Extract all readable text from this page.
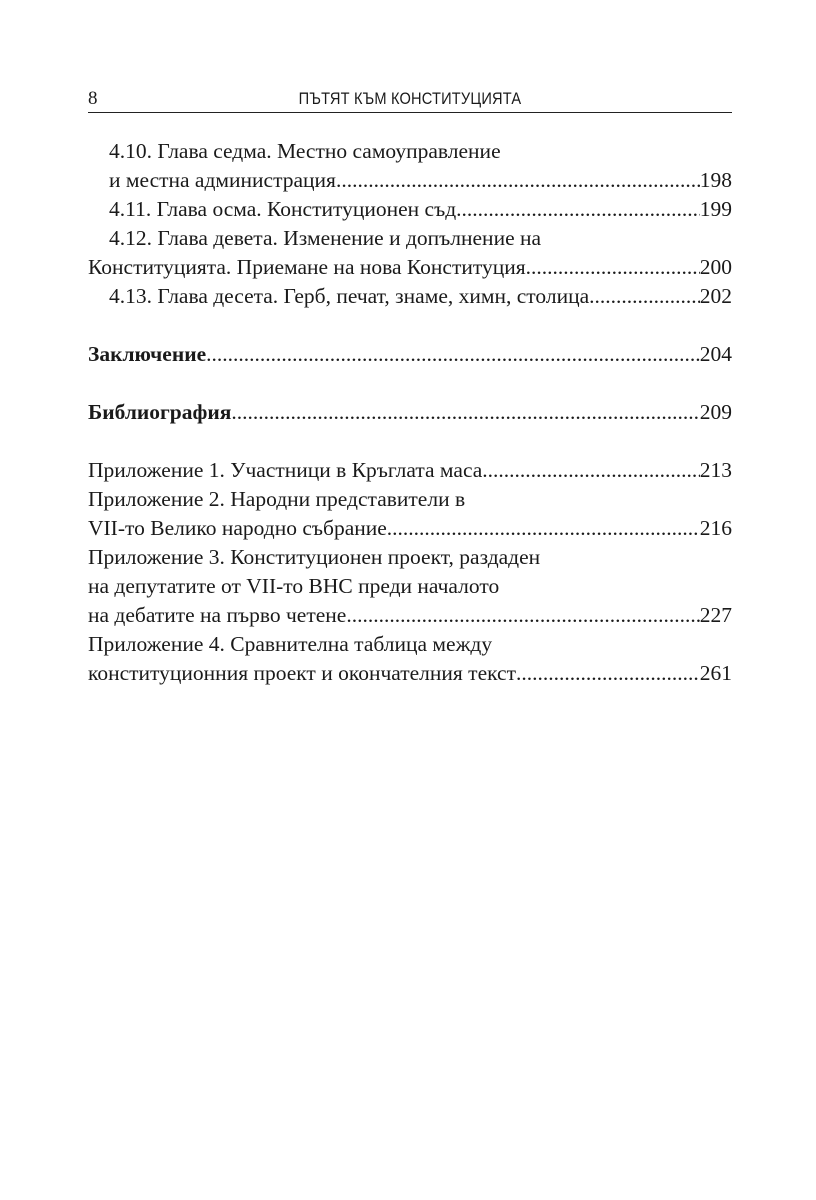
8	ПЪТЯТ КЪМ КОНСТИТУЦИЯТА
4.10. Глава седма. Местно самоуправление
и местна администрация .....	198
4.11. Глава осма. Конституционен съд .....	199
4.12. Глава девета. Изменение и допълнение на
Конституцията. Приемане на нова Конституция .....	200
4.13. Глава десета. Герб, печат, знаме, химн, столица .....	202
Заключение .....	204
Библиография .....	209
Приложение 1. Участници в Кръглата маса .....	213
Приложение 2. Народни представители в
VII-то Велико народно събрание .....	216
Приложение 3. Конституционен проект, раздаден
на депутатите от VII-то ВНС преди началото
на дебатите на първо четене .....	227
Приложение 4. Сравнителна таблица между
конституционния проект и окончателния текст .....	261
